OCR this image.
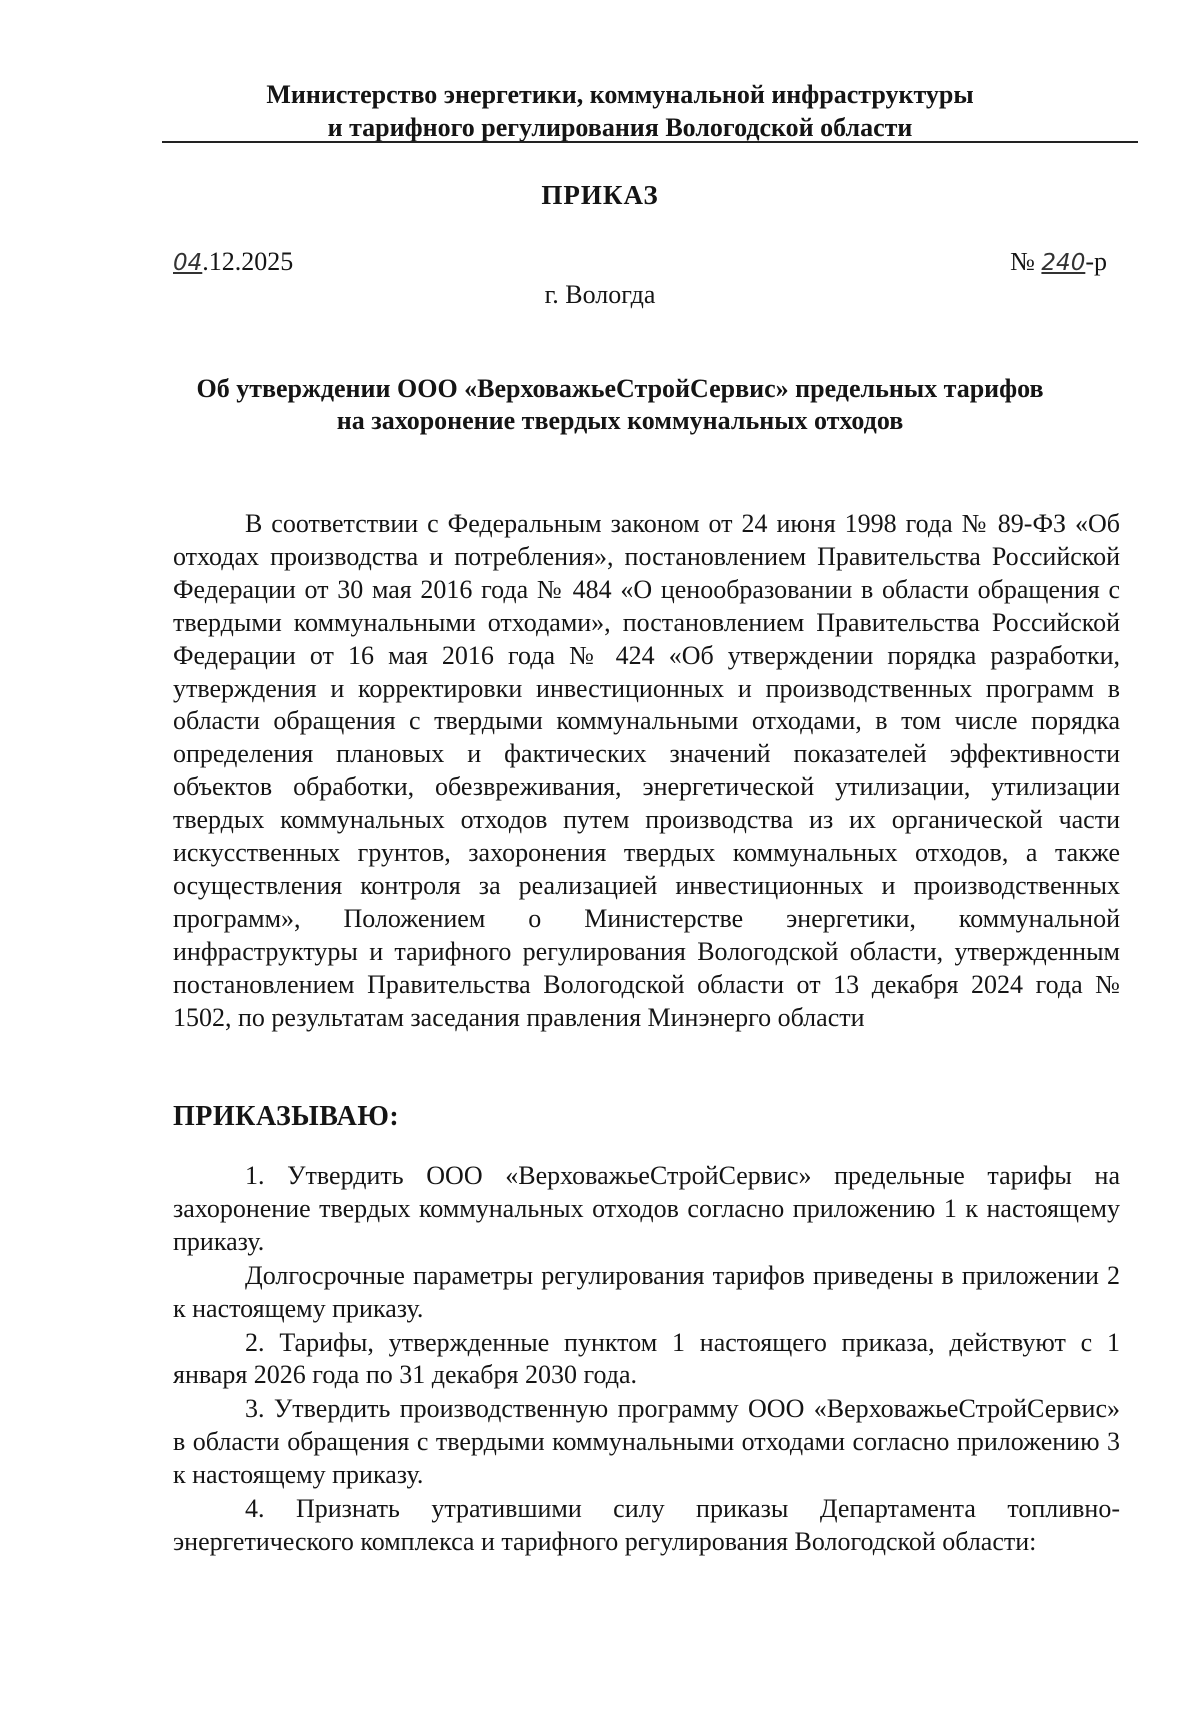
Министерство энергетики, коммунальной инфраструктуры
и тарифного регулирования Вологодской области
ПРИКАЗ
04.12.2025	№ 240-р
г. Вологда
Об утверждении ООО «ВерховажьеСтройСервис» предельных тарифов на захоронение твердых коммунальных отходов

В соответствии с Федеральным законом от 24 июня 1998 года № 89-ФЗ «Об отходах производства и потребления», постановлением Правительства Российской Федерации от 30 мая 2016 года № 484 «О ценообразовании в области обращения с твердыми коммунальными отходами», постановлением Правительства Российской Федерации от 16 мая 2016 года № 424 «Об утверждении порядка разработки, утверждения и корректировки инвестиционных и производственных программ в области обращения с твердыми коммунальными отходами, в том числе порядка определения плановых и фактических значений показателей эффективности объектов обработки, обезвреживания, энергетической утилизации, утилизации твердых коммунальных отходов путем производства из их органической части искусственных грунтов, захоронения твердых коммунальных отходов, а также осуществления контроля за реализацией инвестиционных и производственных программ», Положением о Министерстве энергетики, коммунальной инфраструктуры и тарифного регулирования Вологодской области, утвержденным постановлением Правительства Вологодской области от 13 декабря 2024 года № 1502, по результатам заседания правления Минэнерго области

ПРИКАЗЫВАЮ:

1. Утвердить ООО «ВерховажьеСтройСервис» предельные тарифы на захоронение твердых коммунальных отходов согласно приложению 1 к настоящему приказу.

Долгосрочные параметры регулирования тарифов приведены в приложении 2 к настоящему приказу.

2. Тарифы, утвержденные пунктом 1 настоящего приказа, действуют с 1 января 2026 года по 31 декабря 2030 года.

3. Утвердить производственную программу ООО «ВерховажьеСтройСервис» в области обращения с твердыми коммунальными отходами согласно приложению 3 к настоящему приказу.

4. Признать утратившими силу приказы Департамента топливно-энергетического комплекса и тарифного регулирования Вологодской области:
